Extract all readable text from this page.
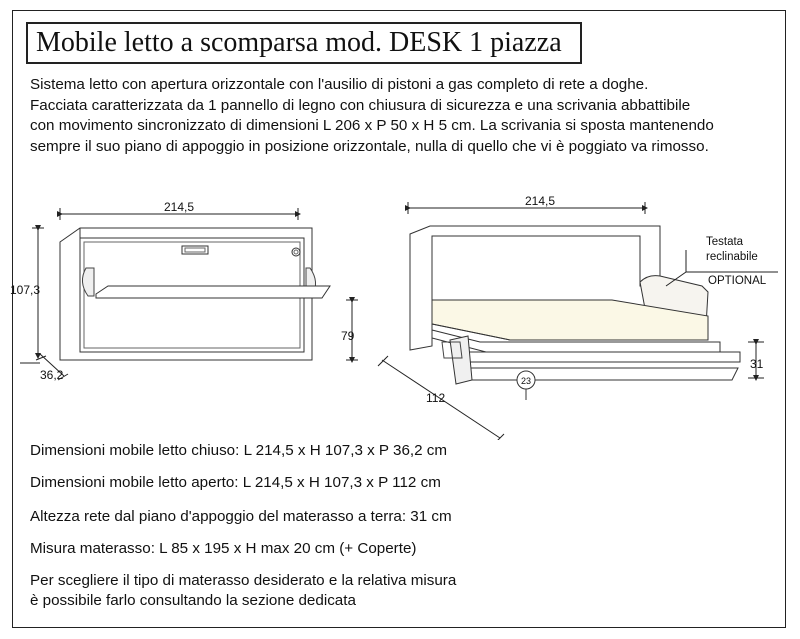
Mobile letto a scomparsa mod. DESK 1 piazza
Sistema letto con apertura orizzontale con l'ausilio di pistoni a gas completo di rete a doghe.
Facciata caratterizzata da 1 pannello di legno con chiusura di sicurezza e una scrivania abbattibile
con movimento sincronizzato di dimensioni L 206 x P 50 x H 5 cm. La scrivania si sposta mantenendo
sempre il suo piano di appoggio in posizione orizzontale, nulla di quello che vi è poggiato va rimosso.
214,5
107,3
79
36,2
214,5
112
31
23
Testata
reclinabile
OPTIONAL
Dimensioni mobile letto chiuso: L 214,5 x H 107,3 x P 36,2 cm
Dimensioni mobile letto aperto: L 214,5 x H 107,3 x P 112 cm
Altezza rete dal piano d'appoggio del materasso a terra: 31 cm
Misura materasso: L 85 x 195 x H max 20 cm (+ Coperte)
Per scegliere il tipo di materasso desiderato e la relativa misura
è possibile farlo consultando la sezione dedicata
